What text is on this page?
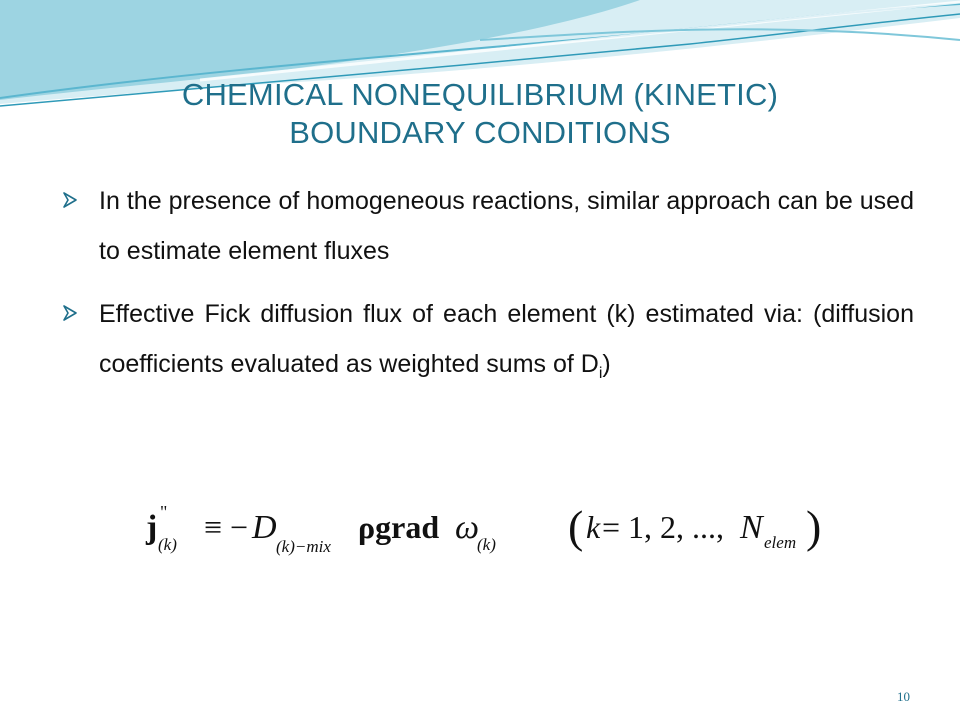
CHEMICAL NONEQUILIBRIUM (KINETIC)
BOUNDARY CONDITIONS
In the presence of homogeneous reactions, similar approach can be used to estimate element fluxes
Effective Fick diffusion flux of each element (k) estimated via: (diffusion coefficients evaluated as weighted sums of $D_i$)
j "
(k) ≡ − D
(k)−mix
ρgrad ω
(k) ( k = 1, 2, ..., N elem )
10
